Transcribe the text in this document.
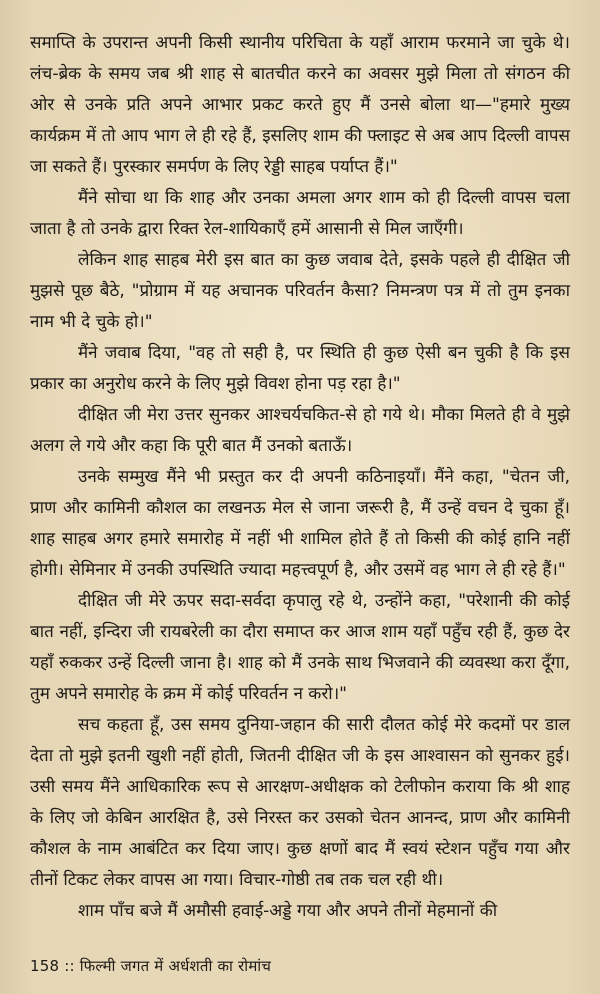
समाप्ति के उपरान्त अपनी किसी स्थानीय परिचिता के यहाँ आराम फरमाने जा चुके थे। लंच-ब्रेक के समय जब श्री शाह से बातचीत करने का अवसर मुझे मिला तो संगठन की ओर से उनके प्रति अपने आभार प्रकट करते हुए मैं उनसे बोला था—"हमारे मुख्य कार्यक्रम में तो आप भाग ले ही रहे हैं, इसलिए शाम की फ्लाइट से अब आप दिल्ली वापस जा सकते हैं। पुरस्कार समर्पण के लिए रेड्डी साहब पर्याप्त हैं।"

मैंने सोचा था कि शाह और उनका अमला अगर शाम को ही दिल्ली वापस चला जाता है तो उनके द्वारा रिक्त रेल-शायिकाएँ हमें आसानी से मिल जाएँगी।

लेकिन शाह साहब मेरी इस बात का कुछ जवाब देते, इसके पहले ही दीक्षित जी मुझसे पूछ बैठे, "प्रोग्राम में यह अचानक परिवर्तन कैसा? निमन्त्रण पत्र में तो तुम इनका नाम भी दे चुके हो।"

मैंने जवाब दिया, "वह तो सही है, पर स्थिति ही कुछ ऐसी बन चुकी है कि इस प्रकार का अनुरोध करने के लिए मुझे विवश होना पड़ रहा है।"

दीक्षित जी मेरा उत्तर सुनकर आश्चर्यचकित-से हो गये थे। मौका मिलते ही वे मुझे अलग ले गये और कहा कि पूरी बात मैं उनको बताऊँ।

उनके सम्मुख मैंने भी प्रस्तुत कर दी अपनी कठिनाइयाँ। मैंने कहा, "चेतन जी, प्राण और कामिनी कौशल का लखनऊ मेल से जाना जरूरी है, मैं उन्हें वचन दे चुका हूँ। शाह साहब अगर हमारे समारोह में नहीं भी शामिल होते हैं तो किसी की कोई हानि नहीं होगी। सेमिनार में उनकी उपस्थिति ज्यादा महत्त्वपूर्ण है, और उसमें वह भाग ले ही रहे हैं।"

दीक्षित जी मेरे ऊपर सदा-सर्वदा कृपालु रहे थे, उन्होंने कहा, "परेशानी की कोई बात नहीं, इन्दिरा जी रायबरेली का दौरा समाप्त कर आज शाम यहाँ पहुँच रही हैं, कुछ देर यहाँ रुककर उन्हें दिल्ली जाना है। शाह को मैं उनके साथ भिजवाने की व्यवस्था करा दूँगा, तुम अपने समारोह के क्रम में कोई परिवर्तन न करो।"

सच कहता हूँ, उस समय दुनिया-जहान की सारी दौलत कोई मेरे कदमों पर डाल देता तो मुझे इतनी खुशी नहीं होती, जितनी दीक्षित जी के इस आश्वासन को सुनकर हुई। उसी समय मैंने आधिकारिक रूप से आरक्षण-अधीक्षक को टेलीफोन कराया कि श्री शाह के लिए जो केबिन आरक्षित है, उसे निरस्त कर उसको चेतन आनन्द, प्राण और कामिनी कौशल के नाम आबंटित कर दिया जाए। कुछ क्षणों बाद मैं स्वयं स्टेशन पहुँच गया और तीनों टिकट लेकर वापस आ गया। विचार-गोष्ठी तब तक चल रही थी।

शाम पाँच बजे मैं अमौसी हवाई-अड्डे गया और अपने तीनों मेहमानों की

158 :: फिल्मी जगत में अर्धशती का रोमांच
